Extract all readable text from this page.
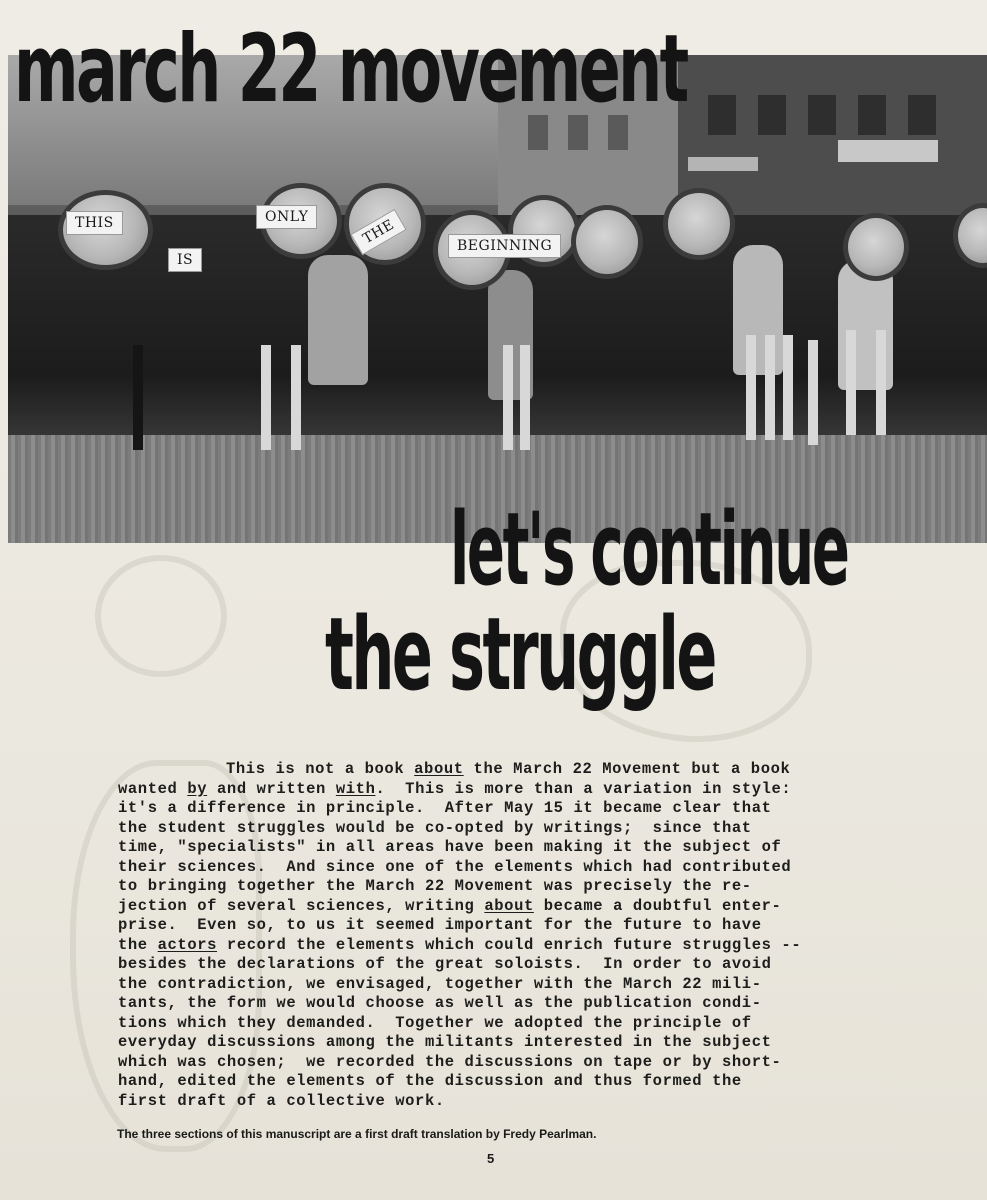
THIS
IS
ONLY	THE	BEGINNING
march 22 movement
let's continue
the struggle
This is not a book about the March 22 Movement but a book
wanted by and written with.  This is more than a variation in style:
it's a difference in principle.  After May 15 it became clear that
the student struggles would be co-opted by writings;  since that
time, "specialists" in all areas have been making it the subject of
their sciences.  And since one of the elements which had contributed
to bringing together the March 22 Movement was precisely the re-
jection of several sciences, writing about became a doubtful enter-
prise.  Even so, to us it seemed important for the future to have
the actors record the elements which could enrich future struggles --
besides the declarations of the great soloists.  In order to avoid
the contradiction, we envisaged, together with the March 22 mili-
tants, the form we would choose as well as the publication condi-
tions which they demanded.  Together we adopted the principle of
everyday discussions among the militants interested in the subject
which was chosen;  we recorded the discussions on tape or by short-
hand, edited the elements of the discussion and thus formed the
first draft of a collective work.
The three sections of this manuscript are a first draft translation by Fredy Pearlman.
5
